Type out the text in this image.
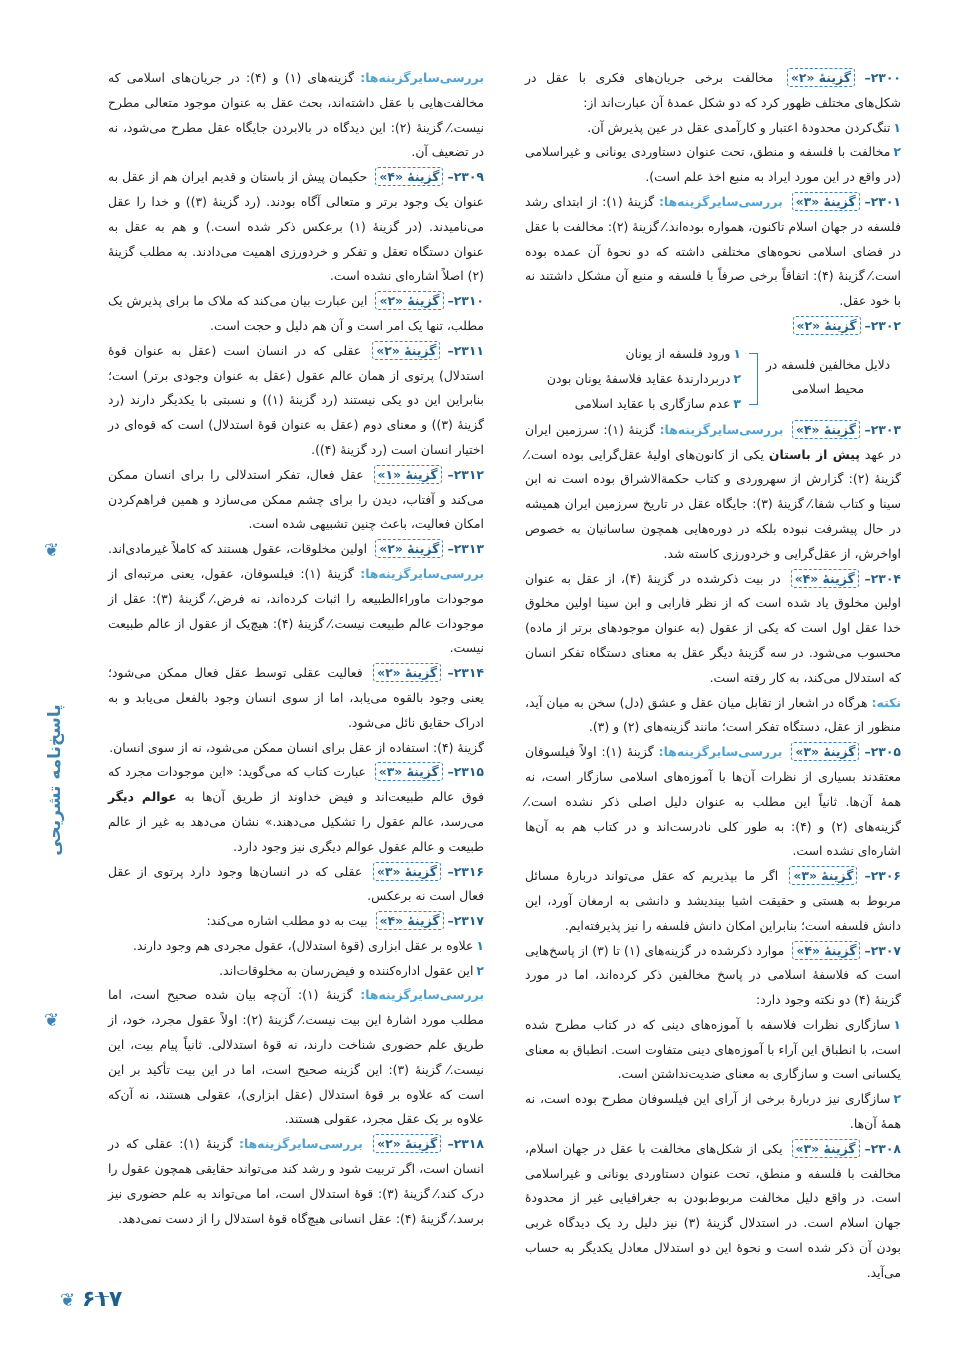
❦
پاسخ‌نامه‌ تشریحی
❦

۲۳۰۰– گزینۀ «۲» مخالفت برخی جریان‌های فکری با عقل در شکل‌های مختلف ظهور کرد که دو شکل عمدۀ آن عبارت‌اند از:

۱تنگ‌کردن محدودۀ اعتبار و کارآمدی عقل در عین پذیرش آن.

۲مخالفت با فلسفه و منطق، تحت عنوان دستاوردی یونانی و غیراسلامی (در واقع در این مورد ایراد به منبع اخذ علم است).

۲۳۰۱– گزینۀ «۳» بررسی‌سایرگزینه‌ها: گزینۀ (۱): از ابتدای رشد فلسفه در جهان اسلام تاکنون، همواره بوده‌اند.⁄ گزینۀ (۲): مخالفت با عقل در فضای اسلامی نحوه‌های مختلفی داشته که دو نحوۀ آن عمده بوده است.⁄ گزینۀ (۴): اتفاقاً برخی صرفاً با فلسفه و منبع آن مشکل داشتند نه با خود عقل.

۲۳۰۲– گزینۀ «۲»

دلایل مخالفین فلسفه در محیط اسلامی
۱ورود فلسفه از یونان
۲دربردارندۀ عقاید فلاسفۀ یونان بودن
۳عدم سازگاری با عقاید اسلامی

۲۳۰۳– گزینۀ «۴» بررسی‌سایرگزینه‌ها: گزینۀ (۱): سرزمین ایران در عهد پیش از باستان یکی از کانون‌های اولیۀ عقل‌گرایی بوده است.⁄ گزینۀ (۲): گزارش از سهروردی و کتاب حکمة‌الاشراق بوده است نه ابن سینا و کتاب شفا.⁄ گزینۀ (۳): جایگاه عقل در تاریخ سرزمین ایران همیشه در حال پیشرفت نبوده بلکه در دوره‌هایی همچون ساسانیان به خصوص اواخرش، از عقل‌گرایی و خردورزی کاسته شد.

۲۳۰۴– گزینۀ «۴» در بیت ذکرشده در گزینۀ (۴)، از عقل به عنوان اولین مخلوق یاد شده است که از نظر فارابی و ابن سینا اولین مخلوق خدا عقل اول است که یکی از عقول (به عنوان موجودهای برتر از ماده) محسوب می‌شود. در سه گزینۀ دیگر عقل به معنای دستگاه تفکر انسان که استدلال می‌کند، به کار رفته است.

نکته: هرگاه در اشعار از تقابل میان عقل و عشق (دل) سخن به میان آید، منظور از عقل، دستگاه تفکر است؛ مانند گزینه‌های (۲) و (۳).

۲۳۰۵– گزینۀ «۳» بررسی‌سایرگزینه‌ها: گزینۀ (۱): اولاً فیلسوفان معتقدند بسیاری از نظرات آن‌ها با آموزه‌های اسلامی سازگار است، نه همۀ آن‌ها. ثانیاً این مطلب به عنوان دلیل اصلی ذکر نشده است.⁄ گزینه‌های (۲) و (۴): به طور کلی نادرست‌اند و در کتاب هم به آن‌ها اشاره‌ای نشده است.

۲۳۰۶– گزینۀ «۳» اگر ما بپذیریم که عقل می‌تواند دربارۀ مسائل مربوط به هستی و حقیقت اشیا بیندیشد و دانشی به ارمغان آورد، این دانش فلسفه است؛ بنابراین امکان دانش فلسفه را نیز پذیرفته‌ایم.

۲۳۰۷– گزینۀ «۴» موارد ذکرشده در گزینه‌های (۱) تا (۳) از پاسخ‌هایی است که فلاسفۀ اسلامی در پاسخ مخالفین ذکر کرده‌اند، اما در مورد گزینۀ (۴) دو نکته وجود دارد:

۱سازگاری نظرات فلاسفه با آموزه‌های دینی که در کتاب مطرح شده است، با انطباق این آراء با آموزه‌های دینی متفاوت است. انطباق به معنای یکسانی است و سازگاری به معنای ضدیت‌نداشتن است.

۲سازگاری نیز دربارۀ برخی از آرای این فیلسوفان مطرح بوده است، نه همۀ آن‌ها.

۲۳۰۸– گزینۀ «۳» یکی از شکل‌های مخالفت با عقل در جهان اسلام، مخالفت با فلسفه و منطق، تحت عنوان دستاوردی یونانی و غیراسلامی است. در واقع دلیل مخالفت مربوط‌بودن به جغرافیایی غیر از محدودۀ جهان اسلام است. در استدلال گزینۀ (۳) نیز دلیل رد یک دیدگاه غربی بودن آن ذکر شده است و نحوۀ این دو استدلال معادل یکدیگر به حساب می‌آید.

بررسی‌سایرگزینه‌ها: گزینه‌های (۱) و (۴): در جریان‌های اسلامی که مخالفت‌هایی با عقل داشته‌اند، بحث عقل به عنوان موجود متعالی مطرح نیست.⁄ گزینۀ (۲): این دیدگاه در بالابردن جایگاه عقل مطرح می‌شود، نه در تضعیف آن.

۲۳۰۹– گزینۀ «۴» حکیمان پیش از باستان و قدیم ایران هم از عقل به عنوان یک وجود برتر و متعالی آگاه بودند. (رد گزینۀ (۳)) و خدا را عقل می‌نامیدند. (در گزینۀ (۱) برعکس ذکر شده است.) و هم به عقل به عنوان دستگاه تعقل و تفکر و خردورزی اهمیت می‌دادند. به مطلب گزینۀ (۲) اصلاً اشاره‌ای نشده است.

۲۳۱۰– گزینۀ «۲» این عبارت بیان می‌کند که ملاک ما برای پذیرش یک مطلب، تنها یک امر است و آن هم دلیل و حجت است.

۲۳۱۱– گزینۀ «۲» عقلی که در انسان است (عقل به عنوان قوۀ استدلال) پرتوی از همان عالم عقول (عقل به عنوان وجودی برتر) است؛ بنابراین این دو یکی نیستند (رد گزینۀ (۱)) و نسبتی با یکدیگر دارند (رد گزینۀ (۳)) و معنای دوم (عقل به عنوان قوۀ استدلال) است که قوه‌ای در اختیار انسان است (رد گزینۀ (۴)).

۲۳۱۲– گزینۀ «۱» عقل فعال، تفکر استدلالی را برای انسان ممکن می‌کند و آفتاب، دیدن را برای چشم ممکن می‌سازد و همین فراهم‌کردن امکان فعالیت، باعث چنین تشبیهی شده است.

۲۳۱۳– گزینۀ «۲» اولین مخلوقات، عقول هستند که کاملاً غیرمادی‌اند. بررسی‌سایرگزینه‌ها: گزینۀ (۱): فیلسوفان، عقول، یعنی مرتبه‌ای از موجودات ماوراءالطبیعه را اثبات کرده‌اند، نه فرض.⁄ گزینۀ (۳): عقل از موجودات عالم طبیعت نیست.⁄ گزینۀ (۴): هیچ‌یک از عقول از عالم طبیعت نیست.

۲۳۱۴– گزینۀ «۲» فعالیت عقلی توسط عقل فعال ممکن می‌شود؛ یعنی وجود بالقوه می‌یابد، اما از سوی انسان وجود بالفعل می‌یابد و به ادراک حقایق نائل می‌شود.

گزینۀ (۴): استفاده از عقل برای انسان ممکن می‌شود، نه از سوی انسان.

۲۳۱۵– گزینۀ «۳» عبارت کتاب که می‌گوید: «این موجودات مجرد که فوق عالم طبیعت‌اند و فیض خداوند از طریق آن‌ها به عوالم دیگر می‌رسد، عالم عقول را تشکیل می‌دهند.» نشان می‌دهد به غیر از عالم طبیعت و عالم عقول عوالم دیگری نیز وجود دارد.

۲۳۱۶– گزینۀ «۳» عقلی که در انسان‌ها وجود دارد پرتوی از عقل فعال است نه برعکس.

۲۳۱۷– گزینۀ «۴» بیت به دو مطلب اشاره می‌کند:

۱علاوه بر عقل ابزاری (قوۀ استدلال)، عقول مجردی هم وجود دارند.

۲این عقول اداره‌کننده و فیض‌رسان به مخلوقات‌اند.

بررسی‌سایرگزینه‌ها: گزینۀ (۱): آن‌چه بیان شده صحیح است، اما مطلب مورد اشارۀ این بیت نیست.⁄ گزینۀ (۲): اولاً عقول مجرد، خود، از طریق علم حضوری شناخت دارند، نه قوۀ استدلالی. ثانیاً پیام بیت، این نیست.⁄ گزینۀ (۳): این گزینه صحیح است، اما در این بیت تأکید بر این است که علاوه بر قوۀ استدلال (عقل ابزاری)، عقولی هستند، نه آن‌که علاوه بر یک عقل مجرد، عقولی هستند.

۲۳۱۸– گزینۀ «۲» بررسی‌سایرگزینه‌ها: گزینۀ (۱): عقلی که در انسان است، اگر تربیت شود و رشد کند می‌تواند حقایقی همچون عقول را درک کند.⁄ گزینۀ (۳): قوۀ استدلال است، اما می‌تواند به علم حضوری نیز برسد.⁄ گزینۀ (۴): عقل انسانی هیچ‌گاه قوۀ استدلال را از دست نمی‌دهد.

❦ ۶۱۷
